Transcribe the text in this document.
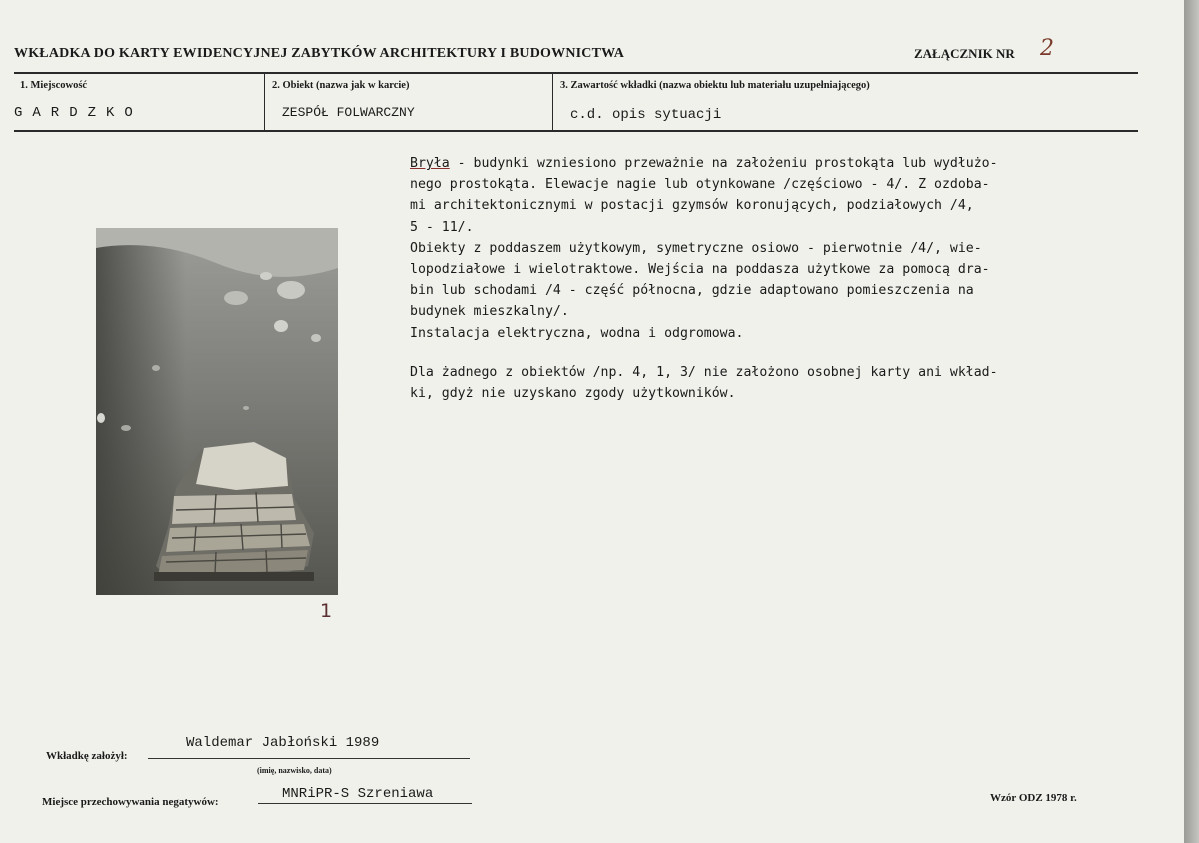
WKŁADKA DO KARTY EWIDENCYJNEJ ZABYTKÓW ARCHITEKTURY I BUDOWNICTWA	ZAŁĄCZNIK NR 2
1. Miejscowość
GARDZKO
2. Obiekt (nazwa jak w karcie)
ZESPÓŁ FOLWARCZNY
3. Zawartość wkładki (nazwa obiektu lub materiału uzupełniającego)
c.d. opis sytuacji

Bryła - budynki wzniesiono przeważnie na założeniu prostokąta lub wydłużo-

nego prostokąta. Elewacje nagie lub otynkowane /częściowo - 4/. Z ozdoba-

mi architektonicznymi w postacji gzymsów koronujących, podziałowych /4,

5 - 11/.

Obiekty z poddaszem użytkowym, symetryczne osiowo - pierwotnie /4/, wie-

lopodziałowe i wielotraktowe. Wejścia na poddasza użytkowe za pomocą dra-

bin lub schodami /4 - część północna, gdzie adaptowano pomieszczenia na

budynek mieszkalny/.

Instalacja elektryczna, wodna i odgromowa.

Dla żadnego z obiektów /np. 4, 1, 3/ nie założono osobnej karty ani wkład-

ki, gdyż nie uzyskano zgody użytkowników.

1
Wkładkę założył:
Waldemar Jabłoński 1989
(imię, nazwisko, data)
Miejsce przechowywania negatywów:	MNRiPR-S Szreniawa	Wzór ODZ 1978 r.
